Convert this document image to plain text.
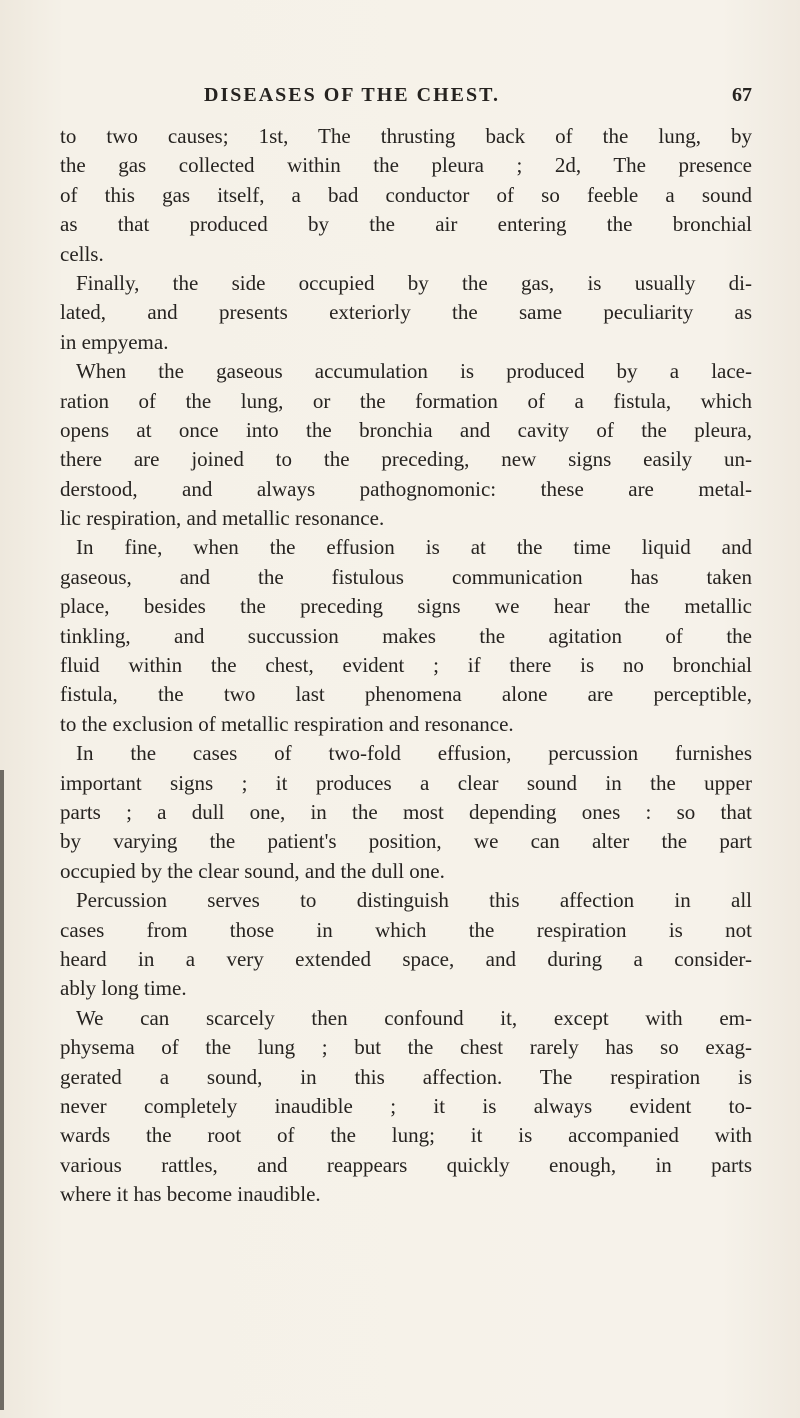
DISEASES OF THE CHEST.	67
to two causes; 1st, The thrusting back of the lung, by
the gas collected within the pleura ; 2d, The presence
of this gas itself, a bad conductor of so feeble a sound
as that produced by the air entering the bronchial
cells.
Finally, the side occupied by the gas, is usually di-
lated, and presents exteriorly the same peculiarity as
in empyema.
When the gaseous accumulation is produced by a lace-
ration of the lung, or the formation of a fistula, which
opens at once into the bronchia and cavity of the pleura,
there are joined to the preceding, new signs easily un-
derstood, and always pathognomonic: these are metal-
lic respiration, and metallic resonance.
In fine, when the effusion is at the time liquid and
gaseous, and the fistulous communication has taken
place, besides the preceding signs we hear the metallic
tinkling, and succussion makes the agitation of the
fluid within the chest, evident ; if there is no bronchial
fistula, the two last phenomena alone are perceptible,
to the exclusion of metallic respiration and resonance.
In the cases of two-fold effusion, percussion furnishes
important signs ; it produces a clear sound in the upper
parts ; a dull one, in the most depending ones : so that
by varying the patient's position, we can alter the part
occupied by the clear sound, and the dull one.
Percussion serves to distinguish this affection in all
cases from those in which the respiration is not
heard in a very extended space, and during a consider-
ably long time.
We can scarcely then confound it, except with em-
physema of the lung ; but the chest rarely has so exag-
gerated a sound, in this affection. The respiration is
never completely inaudible ; it is always evident to-
wards the root of the lung; it is accompanied with
various rattles, and reappears quickly enough, in parts
where it has become inaudible.
